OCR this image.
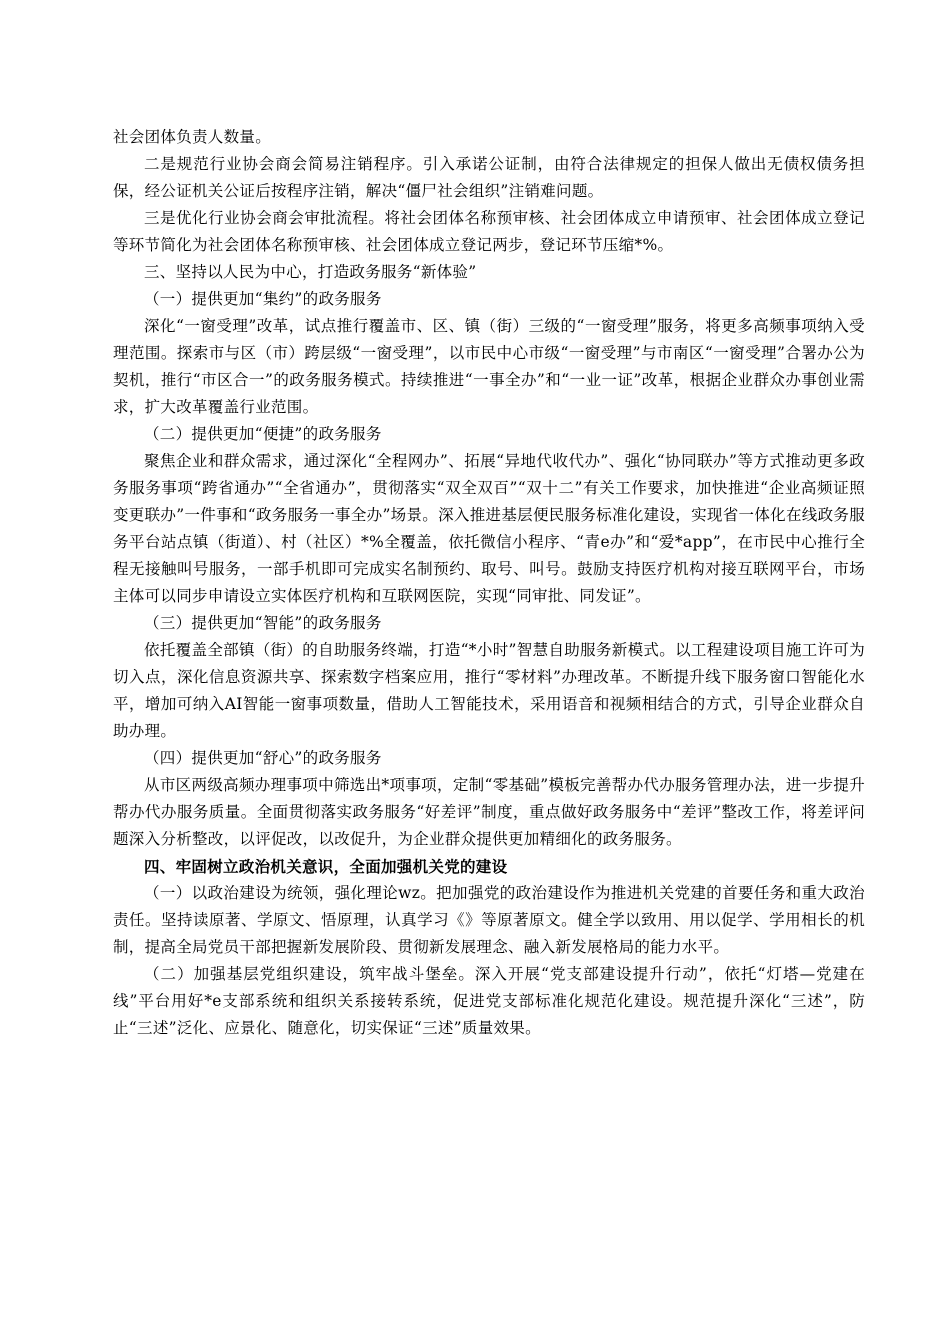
社会团体负责人数量。

二是规范行业协会商会简易注销程序。引入承诺公证制，由符合法律规定的担保人做出无债权债务担保，经公证机关公证后按程序注销，解决“僵尸社会组织”注销难问题。

三是优化行业协会商会审批流程。将社会团体名称预审核、社会团体成立申请预审、社会团体成立登记等环节简化为社会团体名称预审核、社会团体成立登记两步，登记环节压缩*%。

三、坚持以人民为中心，打造政务服务“新体验”

（一）提供更加“集约”的政务服务

深化“一窗受理”改革，试点推行覆盖市、区、镇（街）三级的“一窗受理”服务，将更多高频事项纳入受理范围。探索市与区（市）跨层级“一窗受理”，以市民中心市级“一窗受理”与市南区“一窗受理”合署办公为契机，推行“市区合一”的政务服务模式。持续推进“一事全办”和“一业一证”改革，根据企业群众办事创业需求，扩大改革覆盖行业范围。

（二）提供更加“便捷”的政务服务

聚焦企业和群众需求，通过深化“全程网办”、拓展“异地代收代办”、强化“协同联办”等方式推动更多政务服务事项“跨省通办”“全省通办”，贯彻落实“双全双百”“双十二”有关工作要求，加快推进“企业高频证照变更联办”一件事和“政务服务一事全办”场景。深入推进基层便民服务标准化建设，实现省一体化在线政务服务平台站点镇（街道）、村（社区）*%全覆盖，依托微信小程序、“青e办”和“爱*app”，在市民中心推行全程无接触叫号服务，一部手机即可完成实名制预约、取号、叫号。鼓励支持医疗机构对接互联网平台，市场主体可以同步申请设立实体医疗机构和互联网医院，实现“同审批、同发证”。

（三）提供更加“智能”的政务服务

依托覆盖全部镇（街）的自助服务终端，打造“*小时”智慧自助服务新模式。以工程建设项目施工许可为切入点，深化信息资源共享、探索数字档案应用，推行“零材料”办理改革。不断提升线下服务窗口智能化水平，增加可纳入AI智能一窗事项数量，借助人工智能技术，采用语音和视频相结合的方式，引导企业群众自助办理。

（四）提供更加“舒心”的政务服务

从市区两级高频办理事项中筛选出*项事项，定制“零基础”模板完善帮办代办服务管理办法，进一步提升帮办代办服务质量。全面贯彻落实政务服务“好差评”制度，重点做好政务服务中“差评”整改工作，将差评问题深入分析整改，以评促改，以改促升，为企业群众提供更加精细化的政务服务。

四、牢固树立政治机关意识，全面加强机关党的建设

（一）以政治建设为统领，强化理论wz。把加强党的政治建设作为推进机关党建的首要任务和重大政治责任。坚持读原著、学原文、悟原理，认真学习《》等原著原文。健全学以致用、用以促学、学用相长的机制，提高全局党员干部把握新发展阶段、贯彻新发展理念、融入新发展格局的能力水平。

（二）加强基层党组织建设，筑牢战斗堡垒。深入开展“党支部建设提升行动”，依托“灯塔—党建在线”平台用好*e支部系统和组织关系接转系统，促进党支部标准化规范化建设。规范提升深化“三述”，防止“三述”泛化、应景化、随意化，切实保证“三述”质量效果。
